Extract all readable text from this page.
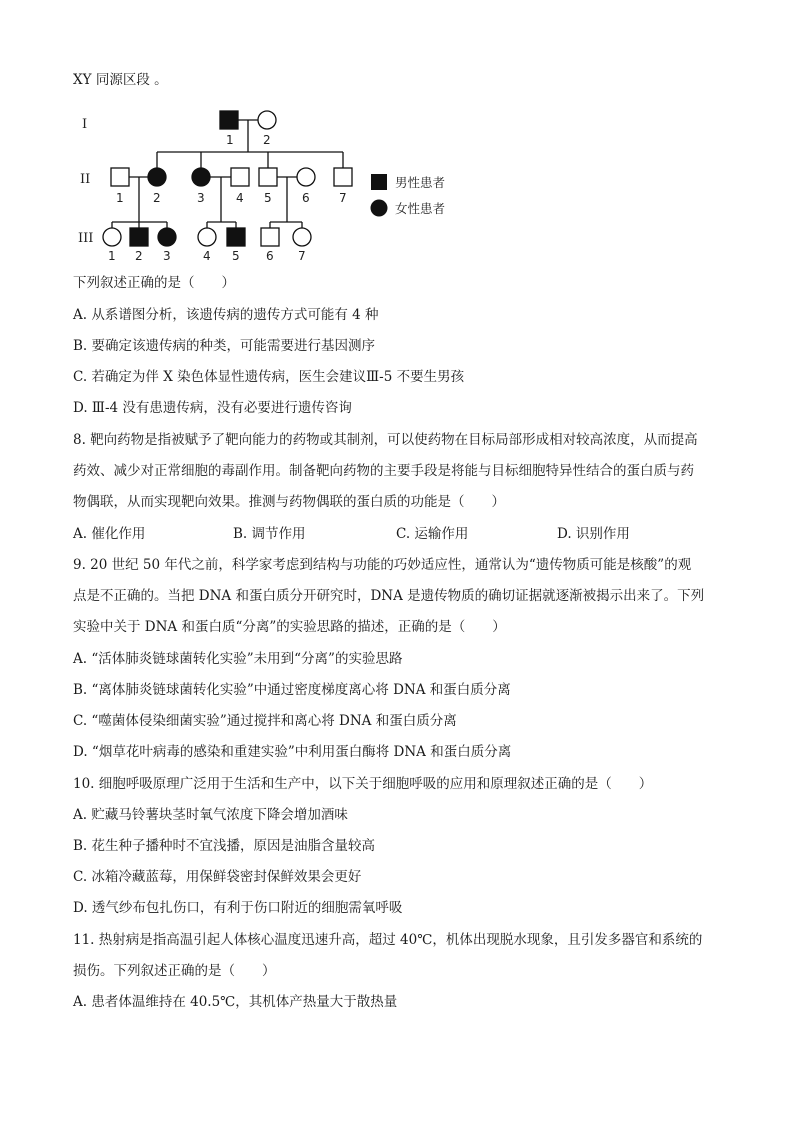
XY 同源区段 。
I
II
III
1 2
1 2	3	4 5	6 7
1 2 3	4 5 6 7
男性患者
女性患者
下列叙述正确的是（　　）
A. 从系谱图分析，该遗传病的遗传方式可能有 4 种
B. 要确定该遗传病的种类，可能需要进行基因测序
C. 若确定为伴 X 染色体显性遗传病，医生会建议Ⅲ-5 不要生男孩
D. Ⅲ-4 没有患遗传病，没有必要进行遗传咨询
8. 靶向药物是指被赋予了靶向能力的药物或其制剂，可以使药物在目标局部形成相对较高浓度，从而提高
药效、减少对正常细胞的毒副作用。制备靶向药物的主要手段是将能与目标细胞特异性结合的蛋白质与药
物偶联，从而实现靶向效果。推测与药物偶联的蛋白质的功能是（　　）
A. 催化作用	B. 调节作用	C. 运输作用	D. 识别作用
9. 20 世纪 50 年代之前，科学家考虑到结构与功能的巧妙适应性，通常认为“遗传物质可能是核酸”的观
点是不正确的。当把 DNA 和蛋白质分开研究时，DNA 是遗传物质的确切证据就逐渐被揭示出来了。下列
实验中关于 DNA 和蛋白质“分离”的实验思路的描述，正确的是（　　）
A. “活体肺炎链球菌转化实验”未用到“分离”的实验思路
B. “离体肺炎链球菌转化实验”中通过密度梯度离心将 DNA 和蛋白质分离
C. “噬菌体侵染细菌实验”通过搅拌和离心将 DNA 和蛋白质分离
D. “烟草花叶病毒的感染和重建实验”中利用蛋白酶将 DNA 和蛋白质分离
10. 细胞呼吸原理广泛用于生活和生产中，以下关于细胞呼吸的应用和原理叙述正确的是（　　）
A. 贮藏马铃薯块茎时氧气浓度下降会增加酒味
B. 花生种子播种时不宜浅播，原因是油脂含量较高
C. 冰箱冷藏蓝莓，用保鲜袋密封保鲜效果会更好
D. 透气纱布包扎伤口，有利于伤口附近的细胞需氧呼吸
11. 热射病是指高温引起人体核心温度迅速升高，超过 40℃，机体出现脱水现象，且引发多器官和系统的
损伤。下列叙述正确的是（　　）
A. 患者体温维持在 40.5℃，其机体产热量大于散热量
